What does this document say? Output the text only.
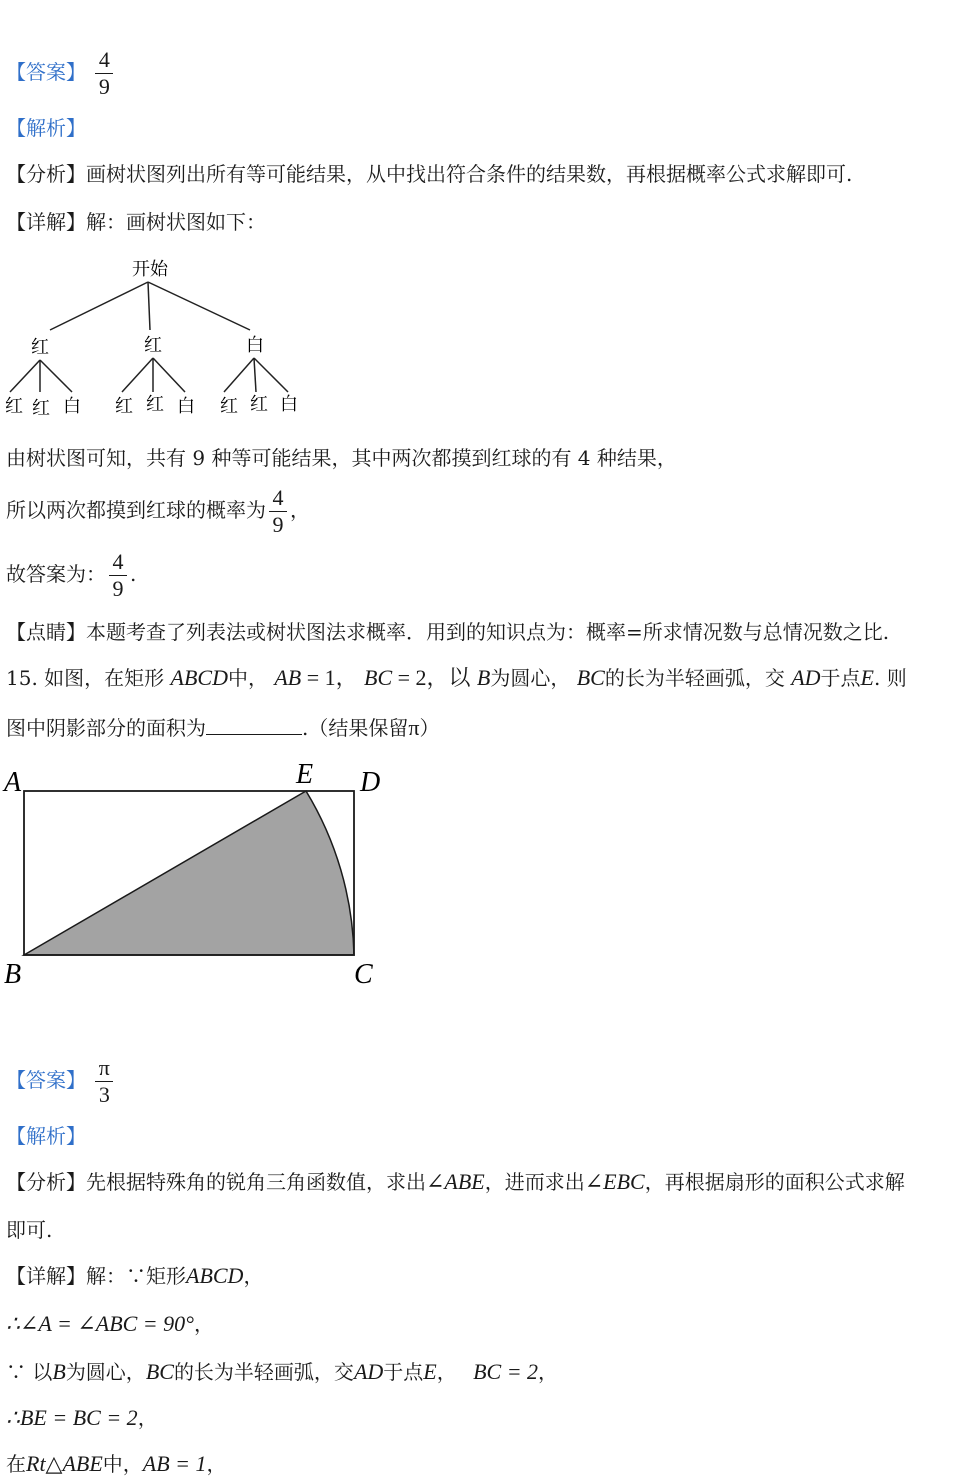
【答案】 $\frac{4}{9}$
【解析】
【分析】画树状图列出所有等可能结果，从中找出符合条件的结果数，再根据概率公式求解即可.
【详解】解：画树状图如下：
开始
红	红	白
红 红 白 红 红 白 红 红 白
由树状图可知，共有 9 种等可能结果，其中两次都摸到红球的有 4 种结果，
所以两次都摸到红球的概率为 $\frac{4}{9}$ ，
故答案为： $\frac{4}{9}$ .
【点睛】本题考查了列表法或树状图法求概率．用到的知识点为：概率=所求情况数与总情况数之比.
15. 如图，在矩形 ABCD中， AB = 1， BC = 2，以 B为圆心， BC的长为半轻画弧，交 AD于点E. 则
图中阴影部分的面积为	.（结果保留π）
A	E D
B	C
【答案】 $\frac{\pi}{3}$
【解析】
【分析】先根据特殊角的锐角三角函数值，求出∠ABE，进而求出∠EBC，再根据扇形的面积公式求解
即可.
【详解】解：∵矩形ABCD，
∴∠A = ∠ABC = 90°，
∵ 以B为圆心，BC的长为半轻画弧，交AD于点E， BC = 2，
∴BE = BC = 2，
在Rt△ABE中，AB = 1，
